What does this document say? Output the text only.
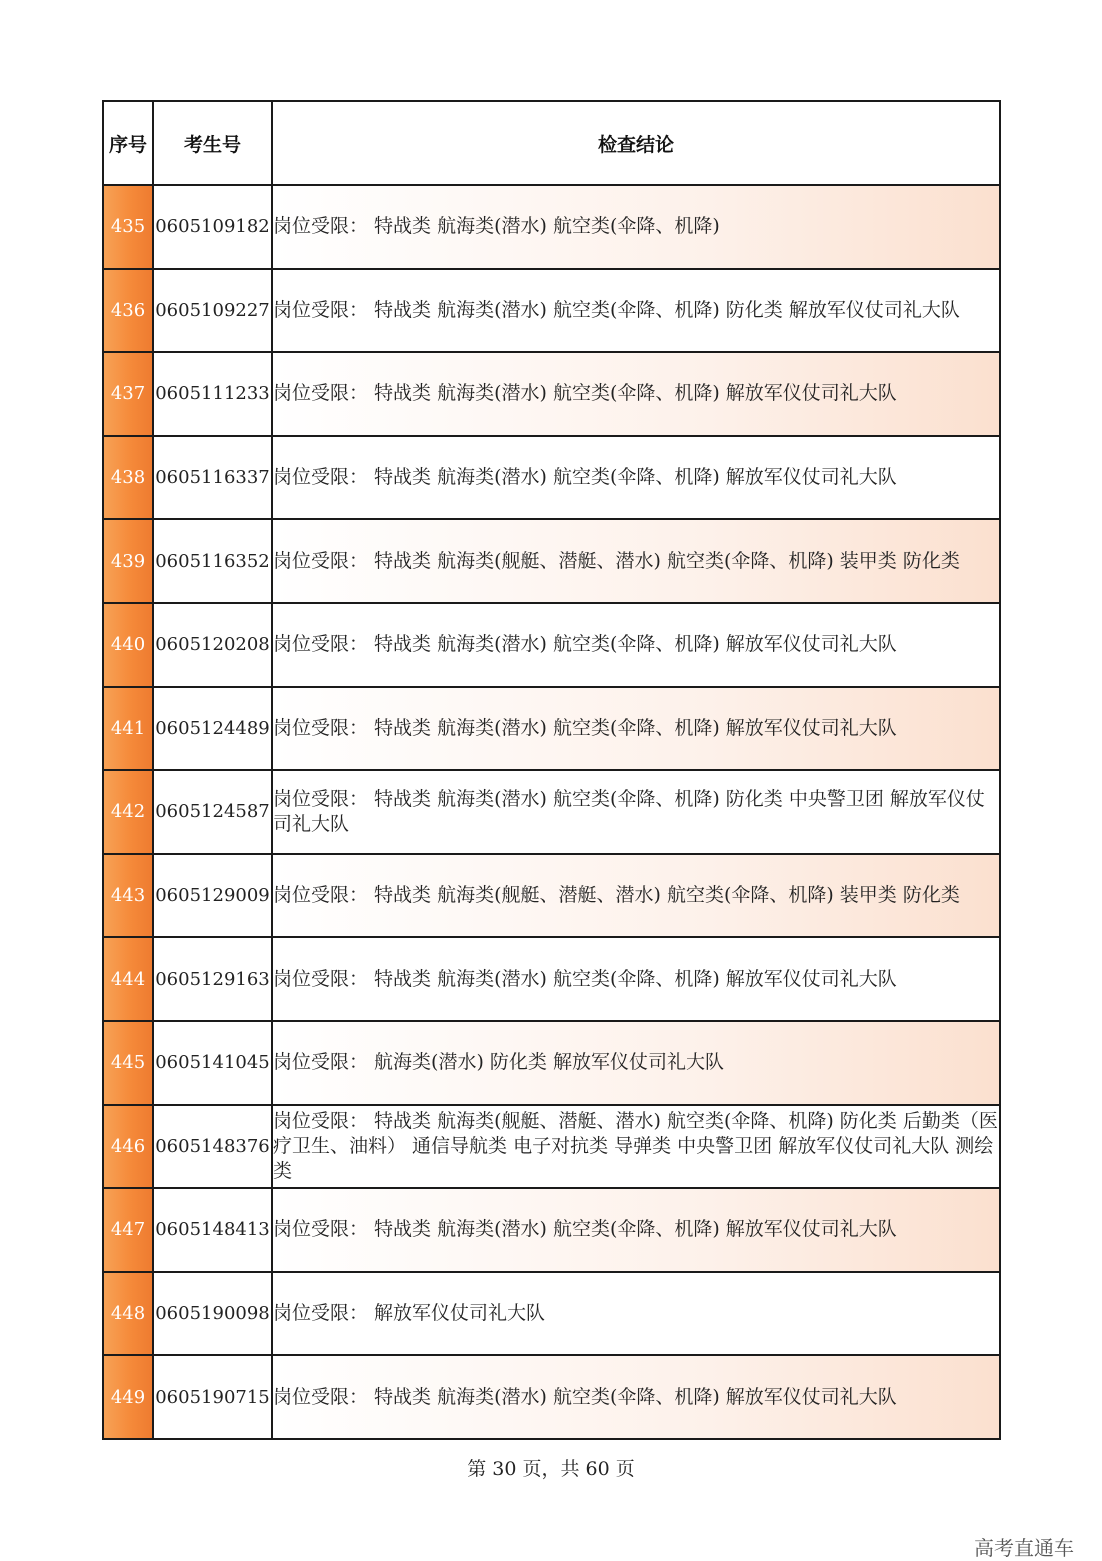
序号	考生号	检查结论
435	0605109182	岗位受限： 特战类 航海类(潜水) 航空类(伞降、机降)
436	0605109227	岗位受限： 特战类 航海类(潜水) 航空类(伞降、机降) 防化类 解放军仪仗司礼大队
437	0605111233	岗位受限： 特战类 航海类(潜水) 航空类(伞降、机降) 解放军仪仗司礼大队
438	0605116337	岗位受限： 特战类 航海类(潜水) 航空类(伞降、机降) 解放军仪仗司礼大队
439	0605116352	岗位受限： 特战类 航海类(舰艇、潜艇、潜水) 航空类(伞降、机降) 装甲类 防化类
440	0605120208	岗位受限： 特战类 航海类(潜水) 航空类(伞降、机降) 解放军仪仗司礼大队
441	0605124489	岗位受限： 特战类 航海类(潜水) 航空类(伞降、机降) 解放军仪仗司礼大队
442	0605124587	岗位受限： 特战类 航海类(潜水) 航空类(伞降、机降) 防化类 中央警卫团 解放军仪仗司礼大队
443	0605129009	岗位受限： 特战类 航海类(舰艇、潜艇、潜水) 航空类(伞降、机降) 装甲类 防化类
444	0605129163	岗位受限： 特战类 航海类(潜水) 航空类(伞降、机降) 解放军仪仗司礼大队
445	0605141045	岗位受限： 航海类(潜水) 防化类 解放军仪仗司礼大队
446	0605148376	岗位受限： 特战类 航海类(舰艇、潜艇、潜水) 航空类(伞降、机降) 防化类 后勤类（医疗卫生、油料） 通信导航类 电子对抗类 导弹类 中央警卫团 解放军仪仗司礼大队 测绘类
447	0605148413	岗位受限： 特战类 航海类(潜水) 航空类(伞降、机降) 解放军仪仗司礼大队
448	0605190098	岗位受限： 解放军仪仗司礼大队
449	0605190715	岗位受限： 特战类 航海类(潜水) 航空类(伞降、机降) 解放军仪仗司礼大队
第 30 页，共 60 页
高考直通车
